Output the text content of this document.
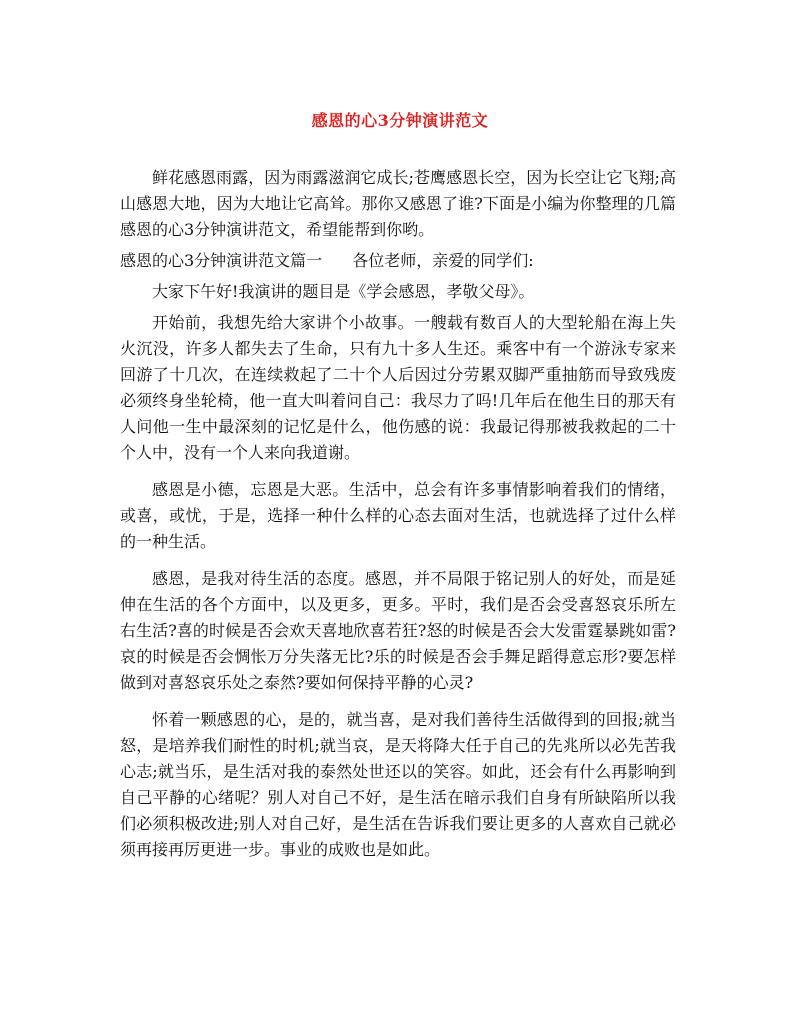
感恩的心3分钟演讲范文

鲜花感恩雨露，因为雨露滋润它成长;苍鹰感恩长空，因为长空让它飞翔;高山感恩大地，因为大地让它高耸。那你又感恩了谁?下面是小编为你整理的几篇感恩的心3分钟演讲范文，希望能帮到你哟。

感恩的心3分钟演讲范文篇一 各位老师，亲爱的同学们:

大家下午好!我演讲的题目是《学会感恩，孝敬父母》。

开始前，我想先给大家讲个小故事。一艘载有数百人的大型轮船在海上失火沉没，许多人都失去了生命，只有九十多人生还。乘客中有一个游泳专家来回游了十几次，在连续救起了二十个人后因过分劳累双脚严重抽筋而导致残废必须终身坐轮椅，他一直大叫着问自己：我尽力了吗!几年后在他生日的那天有人问他一生中最深刻的记忆是什么，他伤感的说：我最记得那被我救起的二十个人中，没有一个人来向我道谢。

感恩是小德，忘恩是大恶。生活中，总会有许多事情影响着我们的情绪，或喜，或忧，于是，选择一种什么样的心态去面对生活，也就选择了过什么样的一种生活。

感恩，是我对待生活的态度。感恩，并不局限于铭记别人的好处，而是延伸在生活的各个方面中，以及更多，更多。平时，我们是否会受喜怒哀乐所左右生活?喜的时候是否会欢天喜地欣喜若狂?怒的时候是否会大发雷霆暴跳如雷?哀的时候是否会惆怅万分失落无比?乐的时候是否会手舞足蹈得意忘形?要怎样做到对喜怒哀乐处之泰然?要如何保持平静的心灵?

怀着一颗感恩的心，是的，就当喜，是对我们善待生活做得到的回报;就当怒，是培养我们耐性的时机;就当哀，是天将降大任于自己的先兆所以必先苦我心志;就当乐，是生活对我的泰然处世还以的笑容。如此，还会有什么再影响到自己平静的心绪呢？别人对自己不好，是生活在暗示我们自身有所缺陷所以我们必须积极改进;别人对自己好，是生活在告诉我们要让更多的人喜欢自己就必须再接再厉更进一步。事业的成败也是如此。
